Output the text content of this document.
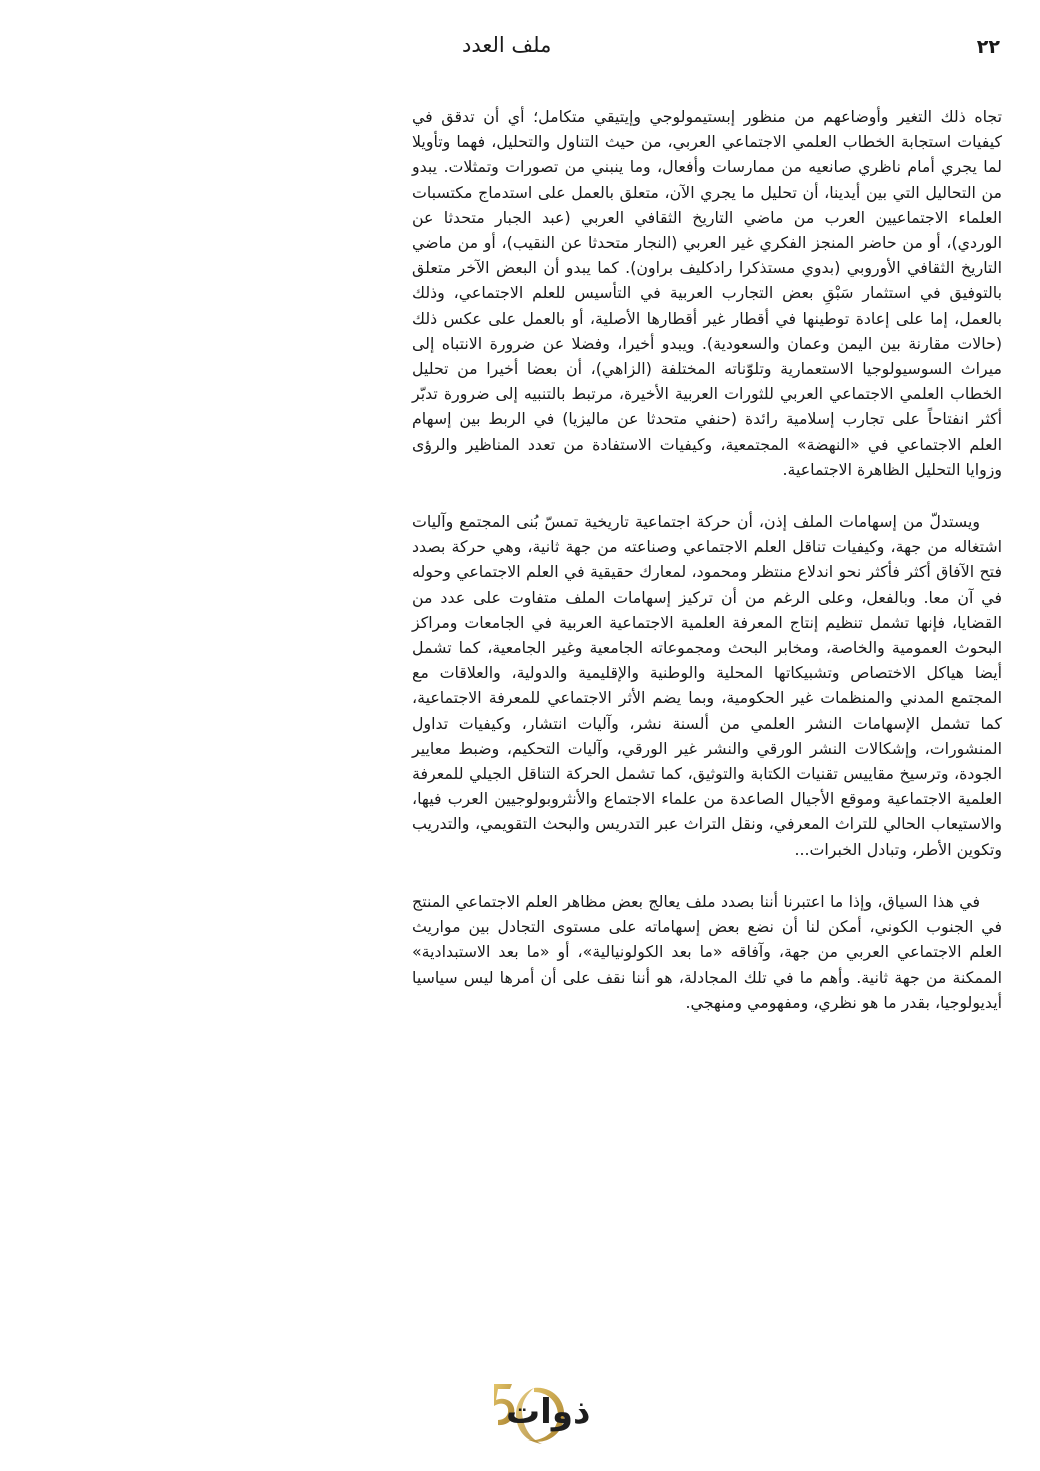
٢٢
ملف العدد

تجاه ذلك التغير وأوضاعهم من منظور إبستيمولوجي وإيتيقي متكامل؛ أي أن تدقق في كيفيات استجابة الخطاب العلمي الاجتماعي العربي، من حيث التناول والتحليل، فهما وتأويلا لما يجري أمام ناظري صانعيه من ممارسات وأفعال، وما ينبني من تصورات وتمثلات. يبدو من التحاليل التي بين أيدينا، أن تحليل ما يجري الآن، متعلق بالعمل على استدماج مكتسبات العلماء الاجتماعيين العرب من ماضي التاريخ الثقافي العربي (عبد الجبار متحدثا عن الوردي)، أو من حاضر المنجز الفكري غير العربي (النجار متحدثا عن النقيب)، أو من ماضي التاريخ الثقافي الأوروبي (بدوي مستذكرا رادكليف براون). كما يبدو أن البعض الآخر متعلق بالتوفيق في استثمار سَبْقِ بعض التجارب العربية في التأسيس للعلم الاجتماعي، وذلك بالعمل، إما على إعادة توطينها في أقطار غير أقطارها الأصلية، أو بالعمل على عكس ذلك (حالات مقارنة بين اليمن وعمان والسعودية). ويبدو أخيرا، وفضلا عن ضرورة الانتباه إلى ميراث السوسيولوجيا الاستعمارية وتلوّناته المختلفة (الزاهي)، أن بعضا أخيرا من تحليل الخطاب العلمي الاجتماعي العربي للثورات العربية الأخيرة، مرتبط بالتنبيه إلى ضرورة تدبّر أكثر انفتاحاً على تجارب إسلامية رائدة (حنفي متحدثا عن ماليزيا) في الربط بين إسهام العلم الاجتماعي في «النهضة» المجتمعية، وكيفيات الاستفادة من تعدد المناظير والرؤى وزوايا التحليل الظاهرة الاجتماعية.

ويستدلّ من إسهامات الملف إذن، أن حركة اجتماعية تاريخية تمسّ بُنى المجتمع وآليات اشتغاله من جهة، وكيفيات تناقل العلم الاجتماعي وصناعته من جهة ثانية، وهي حركة بصدد فتح الآفاق أكثر فأكثر نحو اندلاع منتظر ومحمود، لمعارك حقيقية في العلم الاجتماعي وحوله في آن معا. وبالفعل، وعلى الرغم من أن تركيز إسهامات الملف متفاوت على عدد من القضايا، فإنها تشمل تنظيم إنتاج المعرفة العلمية الاجتماعية العربية في الجامعات ومراكز البحوث العمومية والخاصة، ومخابر البحث ومجموعاته الجامعية وغير الجامعية، كما تشمل أيضا هياكل الاختصاص وتشبيكاتها المحلية والوطنية والإقليمية والدولية، والعلاقات مع المجتمع المدني والمنظمات غير الحكومية، وبما يضم الأثر الاجتماعي للمعرفة الاجتماعية، كما تشمل الإسهامات النشر العلمي من ألسنة نشر، وآليات انتشار، وكيفيات تداول المنشورات، وإشكالات النشر الورقي والنشر غير الورقي، وآليات التحكيم، وضبط معايير الجودة، وترسيخ مقاييس تقنيات الكتابة والتوثيق، كما تشمل الحركة التناقل الجيلي للمعرفة العلمية الاجتماعية وموقع الأجيال الصاعدة من علماء الاجتماع والأنثروبولوجيين العرب فيها، والاستيعاب الحالي للتراث المعرفي، ونقل التراث عبر التدريس والبحث التقويمي، والتدريب وتكوين الأطر، وتبادل الخبرات...

في هذا السياق، وإذا ما اعتبرنا أننا بصدد ملف يعالج بعض مظاهر العلم الاجتماعي المنتج في الجنوب الكوني، أمكن لنا أن نضع بعض إسهاماته على مستوى التجادل بين مواريث العلم الاجتماعي العربي من جهة، وآفاقه «ما بعد الكولونيالية»، أو «ما بعد الاستبدادية» الممكنة من جهة ثانية. وأهم ما في تلك المجادلة، هو أننا نقف على أن أمرها ليس سياسيا أيديولوجيا، بقدر ما هو نظري، ومفهومي ومنهجي.

ذوات
